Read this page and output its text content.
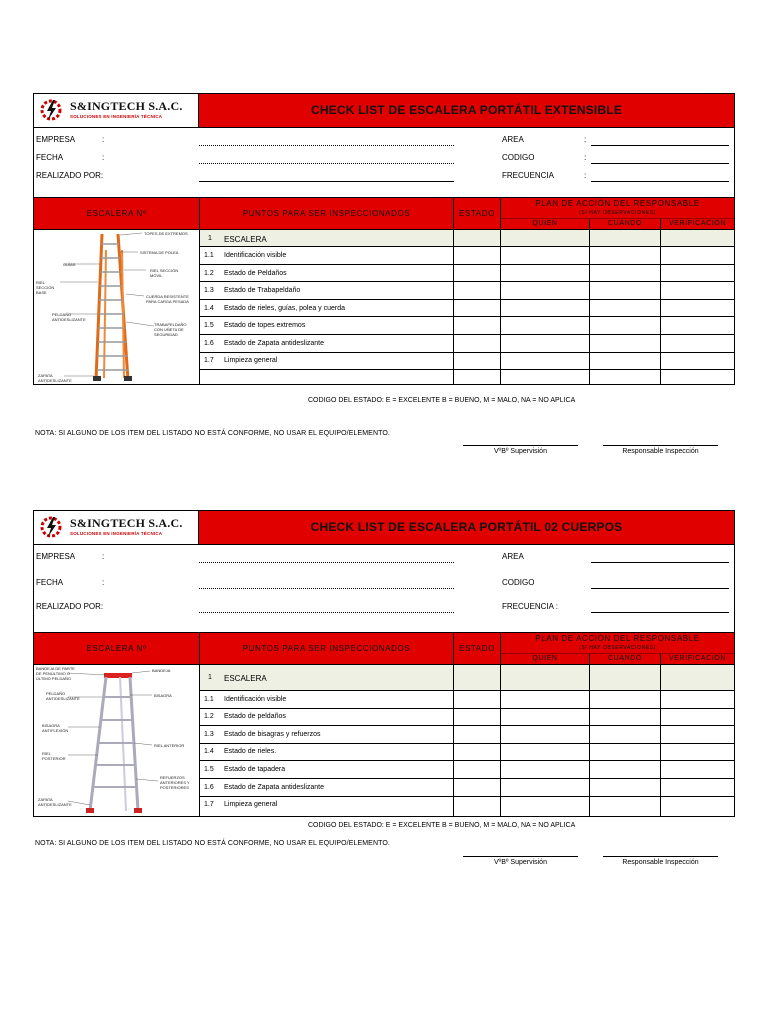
S&INGTECH S.A.C.
SOLUCIONES EN INGENIERÍA TÉCNICA	CHECK LIST DE ESCALERA PORTÁTIL EXTENSIBLE
EMPRESA	:
FECHA	:
REALIZADO POR:
AREA	:
CODIGO	:
FRECUENCIA	:
ESCALERA Nº	PUNTOS PARA SER INSPECCIONADOS	ESTADO
PLAN DE ACCIÓN DEL RESPONSABLE
(SI HAY OBSERVACIONES)
QUIEN	CUANDO	VERIFICACIÓN
TOPES DE EXTREMOS
SISTEMA DE POLEA
GUÍAS
RIEL SECCIÓN MÓVIL
RIEL SECCIÓN BASE
CUERDA RESISTENTE PARA CARGA PESADA
PELDAÑO ANTIDESLIZANTE
TRABAPELDAÑO CON UÑETA DE SEGURIDAD
ZAPATA ANTIDESLIZANTE
1 ESCALERA
1.1 Identificación visible
1.2 Estado de Peldaños
1.3 Estado de Trabapeldaño
1.4 Estado de rieles, guías, polea y cuerda
1.5 Estado de topes extremos
1.6 Estado de Zapata antideslizante
1.7 Limpieza general
CODIGO DEL ESTADO: E = EXCELENTE B = BUENO, M = MALO, NA = NO APLICA
NOTA: SI ALGUNO DE LOS ITEM DEL LISTADO NO ESTÁ CONFORME, NO USAR EL EQUIPO/ELEMENTO.
VºBº Supervisión	Responsable Inspección
S&INGTECH S.A.C.
SOLUCIONES EN INGENIERÍA TÉCNICA	CHECK LIST DE ESCALERA PORTÁTIL 02 CUERPOS
EMPRESA	:
FECHA	:
REALIZADO POR:
AREA
CODIGO
FRECUENCIA :
ESCALERA Nº	PUNTOS PARA SER INSPECCIONADOS	ESTADO
PLAN DE ACCIÓN DEL RESPONSABLE
(SI HAY OBSERVACIONES)
QUIEN	CUANDO	VERIFICACIÓN
BANDEJA DE PARTE DE PENÚLTIMO O ÚLTIMO PELDAÑO
BANDEJA
PELDAÑO ANTIDESLIZANTE
BISAGRA
BISAGRA ANTIFLEXIÓN
RIEL ANTERIOR
RIEL POSTERIOR
REFUERZOS ANTERIORES Y POSTERIORES
ZAPATA ANTIDESLIZANTE
1 ESCALERA
1.1 Identificación visible
1.2 Estado de peldaños
1.3 Estado de bisagras y refuerzos
1.4 Estado de rieles.
1.5 Estado de tapadera
1.6 Estado de Zapata antideslizante
1.7 Limpieza general
CODIGO DEL ESTADO: E = EXCELENTE B = BUENO, M = MALO, NA = NO APLICA
NOTA: SI ALGUNO DE LOS ITEM DEL LISTADO NO ESTÁ CONFORME, NO USAR EL EQUIPO/ELEMENTO.
VºBº Supervisión	Responsable Inspección
